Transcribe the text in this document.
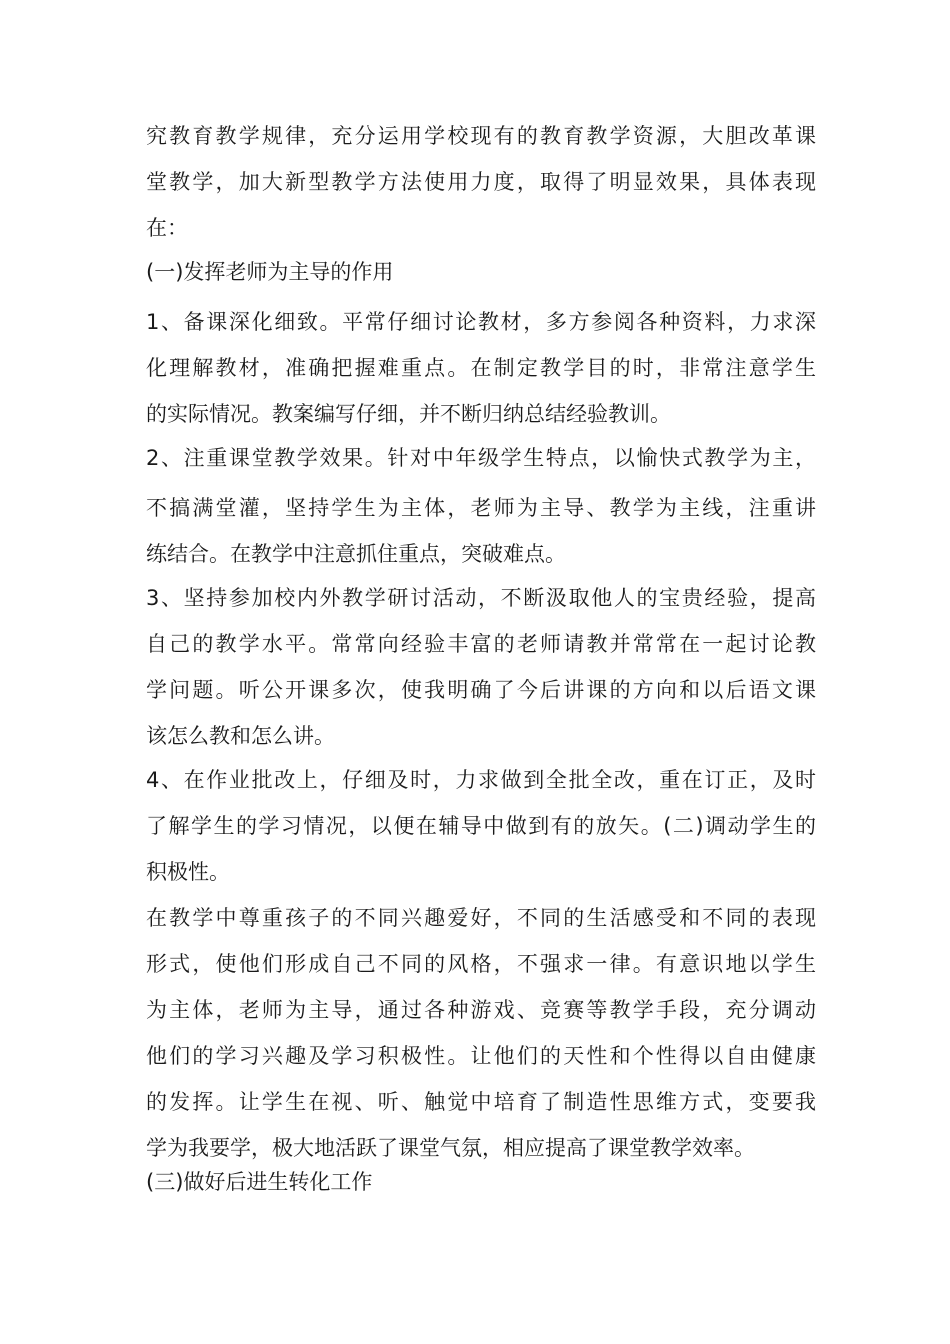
究教育教学规律，充分运用学校现有的教育教学资源，大胆改革课

堂教学，加大新型教学方法使用力度，取得了明显效果，具体表现

在：

(一)发挥老师为主导的作用

1、备课深化细致。平常仔细讨论教材，多方参阅各种资料，力求深

化理解教材，准确把握难重点。在制定教学目的时，非常注意学生

的实际情况。教案编写仔细，并不断归纳总结经验教训。

2、注重课堂教学效果。针对中年级学生特点，以愉快式教学为主，

不搞满堂灌，坚持学生为主体，老师为主导、教学为主线，注重讲

练结合。在教学中注意抓住重点，突破难点。

3、坚持参加校内外教学研讨活动，不断汲取他人的宝贵经验，提高

自己的教学水平。常常向经验丰富的老师请教并常常在一起讨论教

学问题。听公开课多次，使我明确了今后讲课的方向和以后语文课

该怎么教和怎么讲。

4、在作业批改上，仔细及时，力求做到全批全改，重在订正，及时

了解学生的学习情况，以便在辅导中做到有的放矢。(二)调动学生的

积极性。

在教学中尊重孩子的不同兴趣爱好，不同的生活感受和不同的表现

形式，使他们形成自己不同的风格，不强求一律。有意识地以学生

为主体，老师为主导，通过各种游戏、竞赛等教学手段，充分调动

他们的学习兴趣及学习积极性。让他们的天性和个性得以自由健康

的发挥。让学生在视、听、触觉中培育了制造性思维方式，变要我

学为我要学，极大地活跃了课堂气氛，相应提高了课堂教学效率。

(三)做好后进生转化工作
